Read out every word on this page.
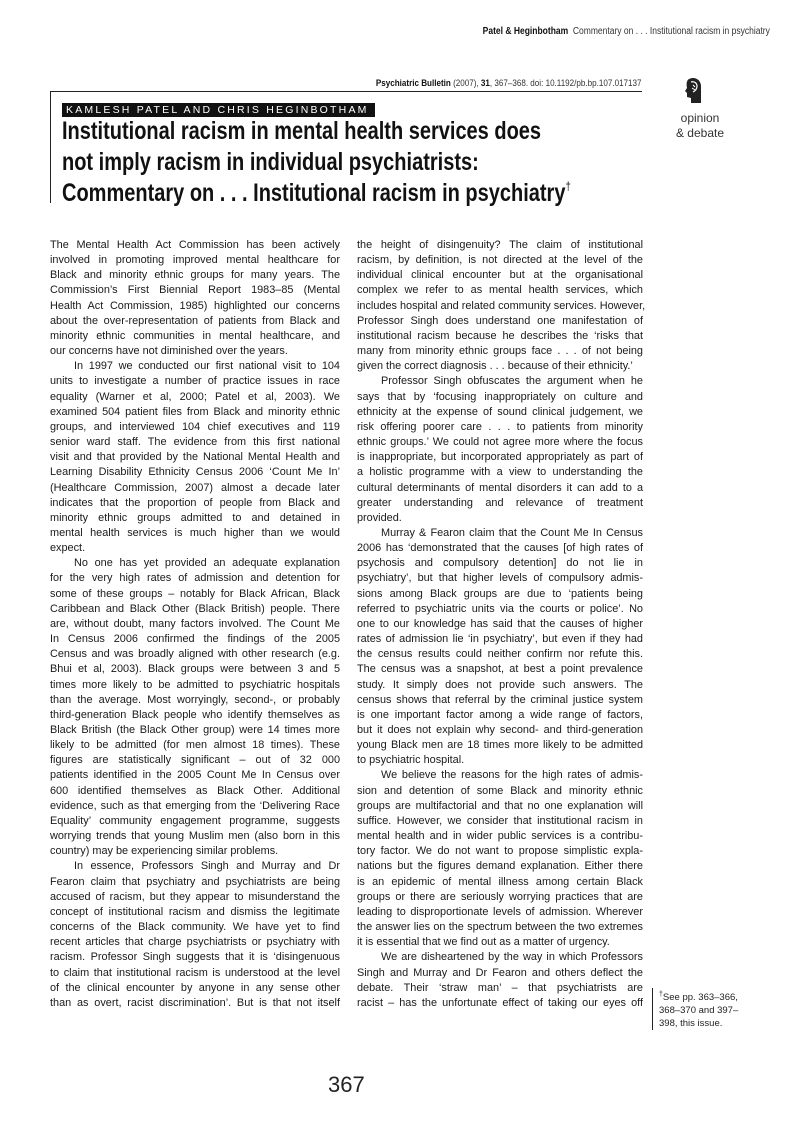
Patel & Heginbotham Commentary on . . . Institutional racism in psychiatry
Psychiatric Bulletin (2007), 31, 367–368. doi: 10.1192/pb.bp.107.017137
KAMLESH PATEL AND CHRIS HEGINBOTHAM
Institutional racism in mental health services does
not imply racism in individual psychiatrists:
Commentary on . . . Institutional racism in psychiatry†
opinion
& debate
The Mental Health Act Commission has been actively
involved in promoting improved mental healthcare for
Black and minority ethnic groups for many years. The
Commission’s First Biennial Report 1983–85 (Mental
Health Act Commission, 1985) highlighted our concerns
about the over-representation of patients from Black and
minority ethnic communities in mental healthcare, and
our concerns have not diminished over the years.
In 1997 we conducted our first national visit to 104
units to investigate a number of practice issues in race
equality (Warner et al, 2000; Patel et al, 2003). We
examined 504 patient files from Black and minority ethnic
groups, and interviewed 104 chief executives and 119
senior ward staff. The evidence from this first national
visit and that provided by the National Mental Health and
Learning Disability Ethnicity Census 2006 ‘Count Me In’
(Healthcare Commission, 2007) almost a decade later
indicates that the proportion of people from Black and
minority ethnic groups admitted to and detained in
mental health services is much higher than we would
expect.
No one has yet provided an adequate explanation
for the very high rates of admission and detention for
some of these groups – notably for Black African, Black
Caribbean and Black Other (Black British) people. There
are, without doubt, many factors involved. The Count Me
In Census 2006 confirmed the findings of the 2005
Census and was broadly aligned with other research (e.g.
Bhui et al, 2003). Black groups were between 3 and 5
times more likely to be admitted to psychiatric hospitals
than the average. Most worryingly, second-, or probably
third-generation Black people who identify themselves as
Black British (the Black Other group) were 14 times more
likely to be admitted (for men almost 18 times). These
figures are statistically significant – out of 32 000
patients identified in the 2005 Count Me In Census over
600 identified themselves as Black Other. Additional
evidence, such as that emerging from the ‘Delivering Race
Equality’ community engagement programme, suggests
worrying trends that young Muslim men (also born in this
country) may be experiencing similar problems.
In essence, Professors Singh and Murray and Dr
Fearon claim that psychiatry and psychiatrists are being
accused of racism, but they appear to misunderstand the
concept of institutional racism and dismiss the legitimate
concerns of the Black community. We have yet to find
recent articles that charge psychiatrists or psychiatry with
racism. Professor Singh suggests that it is ‘disingenuous
to claim that institutional racism is understood at the level
of the clinical encounter by anyone in any sense other
than as overt, racist discrimination’. But is that not itself
the height of disingenuity? The claim of institutional
racism, by definition, is not directed at the level of the
individual clinical encounter but at the organisational
complex we refer to as mental health services, which
includes hospital and related community services. However,
Professor Singh does understand one manifestation of
institutional racism because he describes the ‘risks that
many from minority ethnic groups face . . . of not being
given the correct diagnosis . . . because of their ethnicity.’
Professor Singh obfuscates the argument when he
says that by ‘focusing inappropriately on culture and
ethnicity at the expense of sound clinical judgement, we
risk offering poorer care . . . to patients from minority
ethnic groups.’ We could not agree more where the focus
is inappropriate, but incorporated appropriately as part of
a holistic programme with a view to understanding the
cultural determinants of mental disorders it can add to a
greater understanding and relevance of treatment
provided.
Murray & Fearon claim that the Count Me In Census
2006 has ‘demonstrated that the causes [of high rates of
psychosis and compulsory detention] do not lie in
psychiatry’, but that higher levels of compulsory admis-
sions among Black groups are due to ‘patients being
referred to psychiatric units via the courts or police’. No
one to our knowledge has said that the causes of higher
rates of admission lie ‘in psychiatry’, but even if they had
the census results could neither confirm nor refute this.
The census was a snapshot, at best a point prevalence
study. It simply does not provide such answers. The
census shows that referral by the criminal justice system
is one important factor among a wide range of factors,
but it does not explain why second- and third-generation
young Black men are 18 times more likely to be admitted
to psychiatric hospital.
We believe the reasons for the high rates of admis-
sion and detention of some Black and minority ethnic
groups are multifactorial and that no one explanation will
suffice. However, we consider that institutional racism in
mental health and in wider public services is a contribu-
tory factor. We do not want to propose simplistic expla-
nations but the figures demand explanation. Either there
is an epidemic of mental illness among certain Black
groups or there are seriously worrying practices that are
leading to disproportionate levels of admission. Wherever
the answer lies on the spectrum between the two extremes
it is essential that we find out as a matter of urgency.
We are disheartened by the way in which Professors
Singh and Murray and Dr Fearon and others deflect the
debate. Their ‘straw man’ – that psychiatrists are
racist – has the unfortunate effect of taking our eyes off
†See pp. 363–366, 368–370 and 397–398, this issue.
367
